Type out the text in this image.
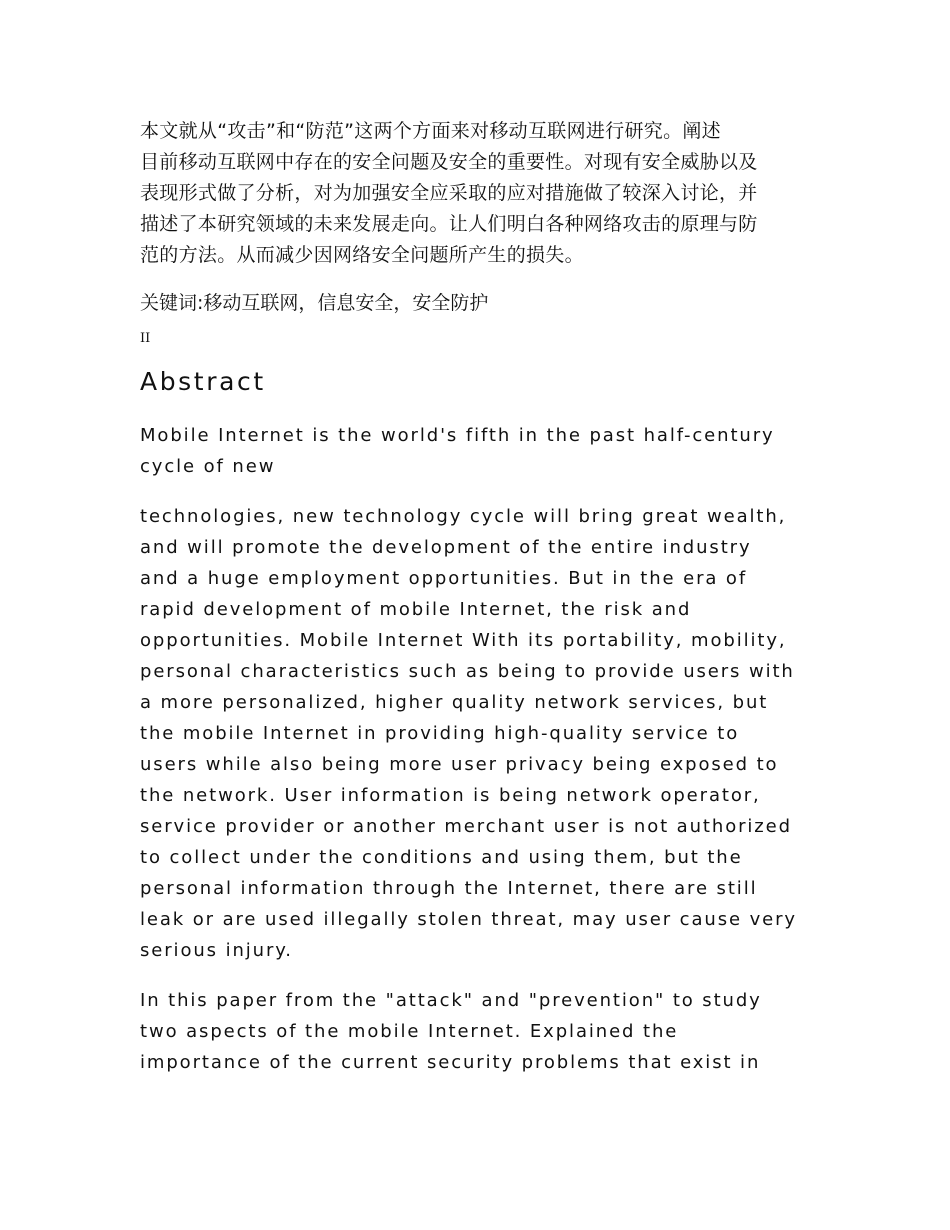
本文就从“攻击”和“防范”这两个方面来对移动互联网进行研究。阐述
目前移动互联网中存在的安全问题及安全的重要性。对现有安全威胁以及
表现形式做了分析，对为加强安全应采取的应对措施做了较深入讨论，并
描述了本研究领域的未来发展走向。让人们明白各种网络攻击的原理与防
范的方法。从而减少因网络安全问题所产生的损失。

关键词:移动互联网，信息安全，安全防护

II

Abstract

Mobile Internet is the world's fifth in the past half-century
cycle of new

technologies, new technology cycle will bring great wealth,
and will promote the development of the entire industry
and a huge employment opportunities. But in the era of
rapid development of mobile Internet, the risk and
opportunities. Mobile Internet With its portability, mobility,
personal characteristics such as being to provide users with
a more personalized, higher quality network services, but
the mobile Internet in providing high-quality service to
users while also being more user privacy being exposed to
the network. User information is being network operator,
service provider or another merchant user is not authorized
to collect under the conditions and using them, but the
personal information through the Internet, there are still
leak or are used illegally stolen threat, may user cause very
serious injury.

In this paper from the "attack" and "prevention" to study
two aspects of the mobile Internet. Explained the
importance of the current security problems that exist in
